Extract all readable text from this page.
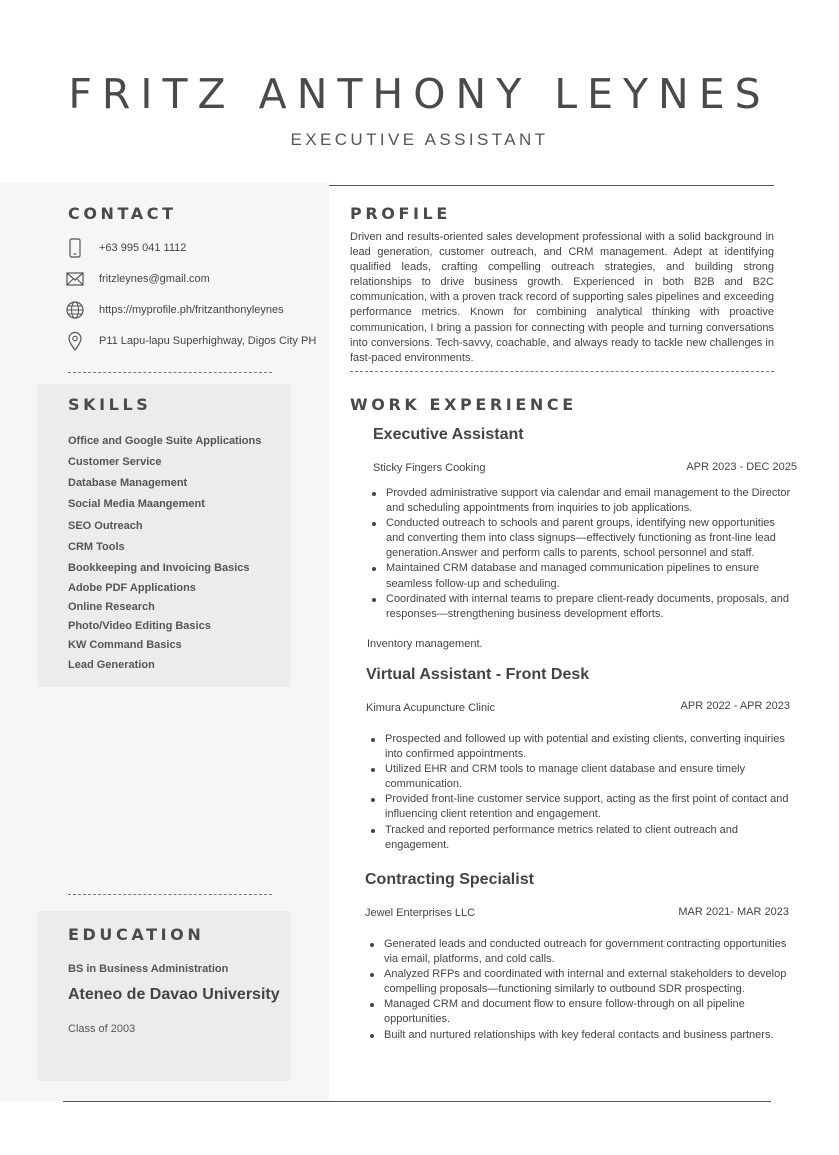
FRITZ ANTHONY LEYNES
EXECUTIVE ASSISTANT
CONTACT
+63 995 041 1112
fritzleynes@gmail.com
https://myprofile.ph/fritzanthonyleynes
P11 Lapu-lapu Superhighway, Digos City PH
SKILLS
Office and Google Suite Applications
Customer Service
Database Management
Social Media Maangement
SEO Outreach
CRM Tools
Bookkeeping and Invoicing Basics
Adobe PDF Applications
Online Research
Photo/Video Editing Basics
KW Command Basics
Lead Generation
EDUCATION
BS in Business Administration
Ateneo de Davao University
Class of 2003
PROFILE
Driven and results-oriented sales development professional with a solid background in lead generation, customer outreach, and CRM management. Adept at identifying qualified leads, crafting compelling outreach strategies, and building strong relationships to drive business growth. Experienced in both B2B and B2C communication, with a proven track record of supporting sales pipelines and exceeding performance metrics. Known for combining analytical thinking with proactive communication, I bring a passion for connecting with people and turning conversations into conversions. Tech-savvy, coachable, and always ready to tackle new challenges in fast-paced environments.
WORK EXPERIENCE
Executive Assistant
Sticky Fingers Cooking	APR 2023 - DEC 2025
Provded administrative support via calendar and email management to the Director and scheduling appointments from inquiries to job applications.
Conducted outreach to schools and parent groups, identifying new opportunities and converting them into class signups—effectively functioning as front-line lead generation.Answer and perform calls to parents, school personnel and staff.
Maintained CRM database and managed communication pipelines to ensure seamless follow-up and scheduling.
Coordinated with internal teams to prepare client-ready documents, proposals, and responses—strengthening business development efforts.
Inventory management.
Virtual Assistant - Front Desk
Kimura Acupuncture Clinic	APR 2022 - APR 2023
Prospected and followed up with potential and existing clients, converting inquiries into confirmed appointments.
Utilized EHR and CRM tools to manage client database and ensure timely communication.
Provided front-line customer service support, acting as the first point of contact and influencing client retention and engagement.
Tracked and reported performance metrics related to client outreach and engagement.
Contracting Specialist
Jewel Enterprises LLC	MAR 2021- MAR 2023
Generated leads and conducted outreach for government contracting opportunities via email, platforms, and cold calls.
Analyzed RFPs and coordinated with internal and external stakeholders to develop compelling proposals—functioning similarly to outbound SDR prospecting.
Managed CRM and document flow to ensure follow-through on all pipeline opportunities.
Built and nurtured relationships with key federal contacts and business partners.
